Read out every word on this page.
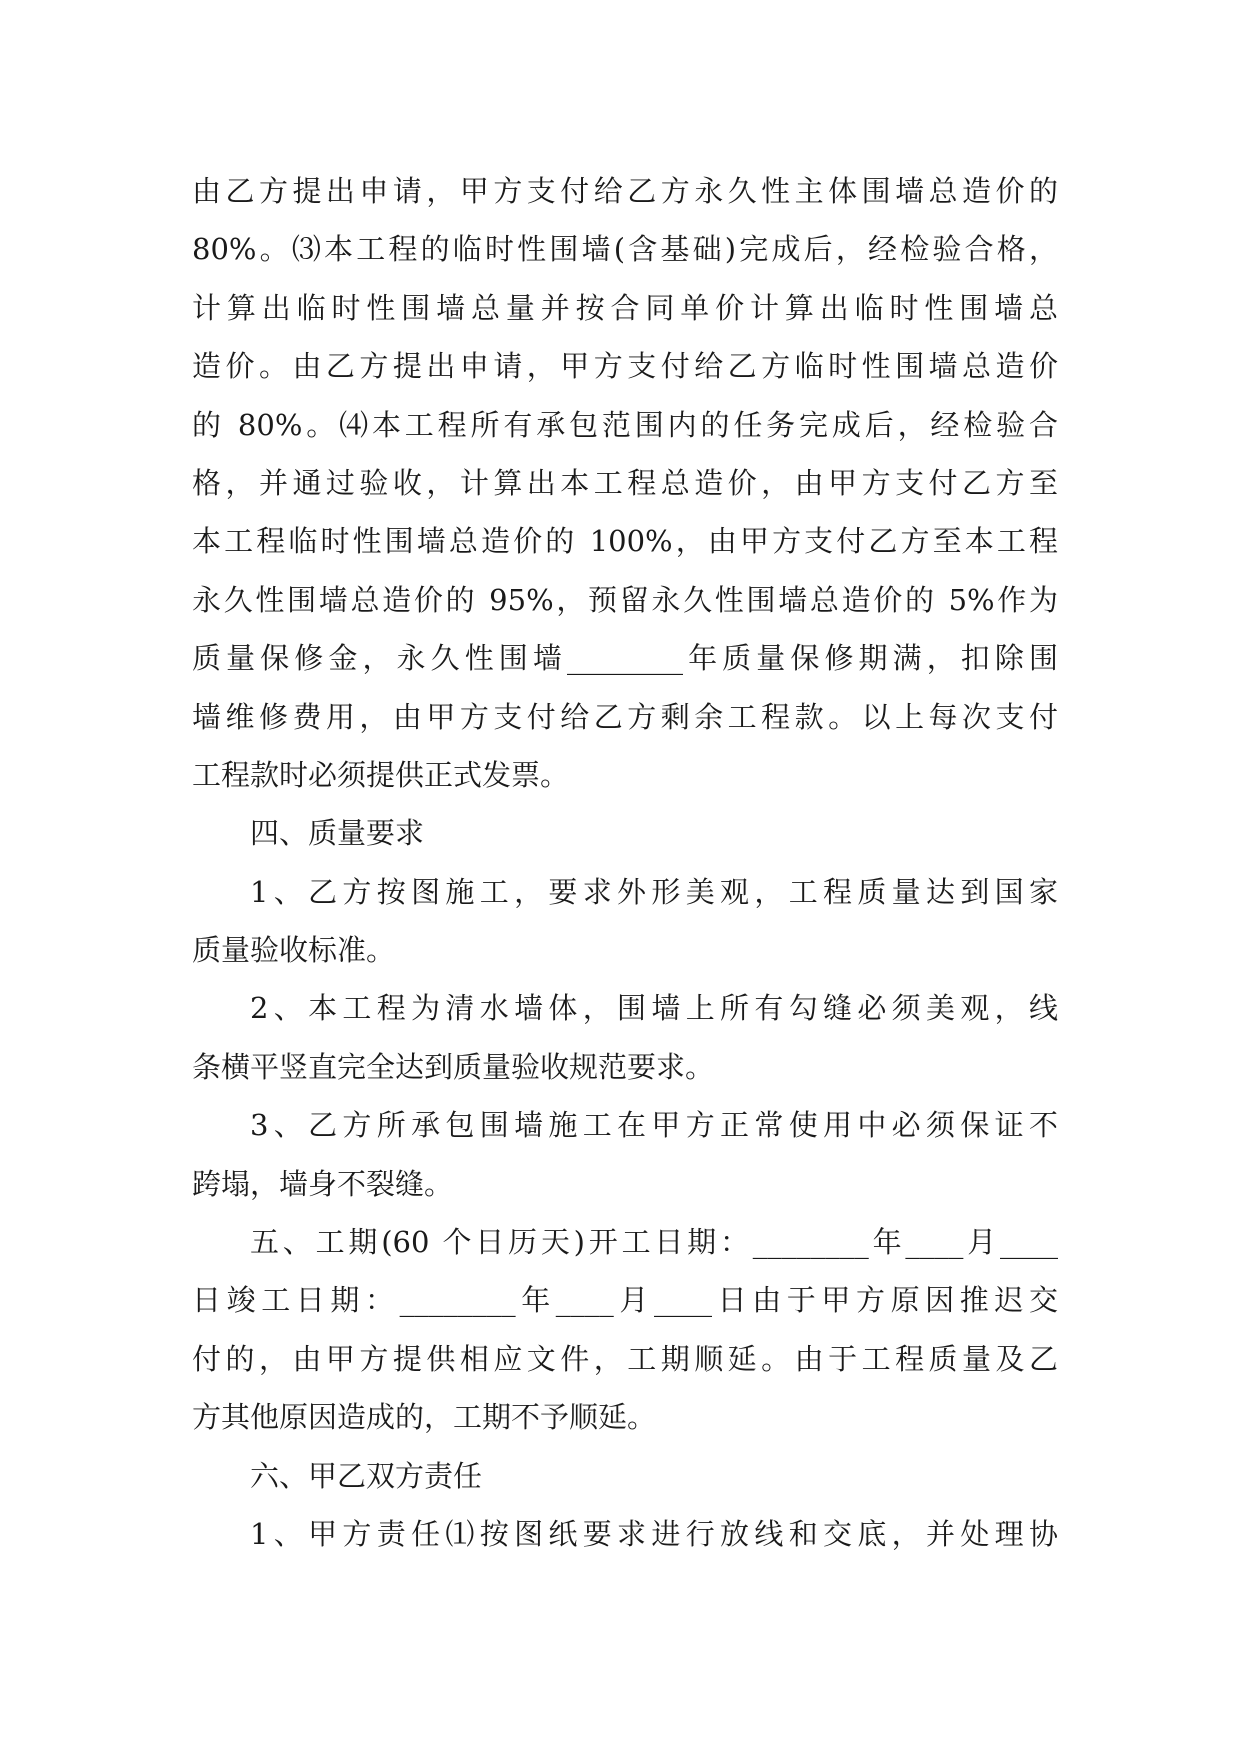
由乙方提出申请，甲方支付给乙方永久性主体围墙总造价的
80%。⑶本工程的临时性围墙(含基础)完成后，经检验合格，
计算出临时性围墙总量并按合同单价计算出临时性围墙总
造价。由乙方提出申请，甲方支付给乙方临时性围墙总造价
的 80%。⑷本工程所有承包范围内的任务完成后，经检验合
格，并通过验收，计算出本工程总造价，由甲方支付乙方至
本工程临时性围墙总造价的 100%，由甲方支付乙方至本工程
永久性围墙总造价的 95%，预留永久性围墙总造价的 5%作为
质量保修金，永久性围墙________年质量保修期满，扣除围
墙维修费用，由甲方支付给乙方剩余工程款。以上每次支付
工程款时必须提供正式发票。
四、质量要求
1、乙方按图施工，要求外形美观，工程质量达到国家
质量验收标准。
2、本工程为清水墙体，围墙上所有勾缝必须美观，线
条横平竖直完全达到质量验收规范要求。
3、乙方所承包围墙施工在甲方正常使用中必须保证不
跨塌，墙身不裂缝。
五、工期(60 个日历天)开工日期：________年____月____
日竣工日期：________年____月____日由于甲方原因推迟交
付的，由甲方提供相应文件，工期顺延。由于工程质量及乙
方其他原因造成的，工期不予顺延。
六、甲乙双方责任
1、甲方责任⑴按图纸要求进行放线和交底，并处理协
